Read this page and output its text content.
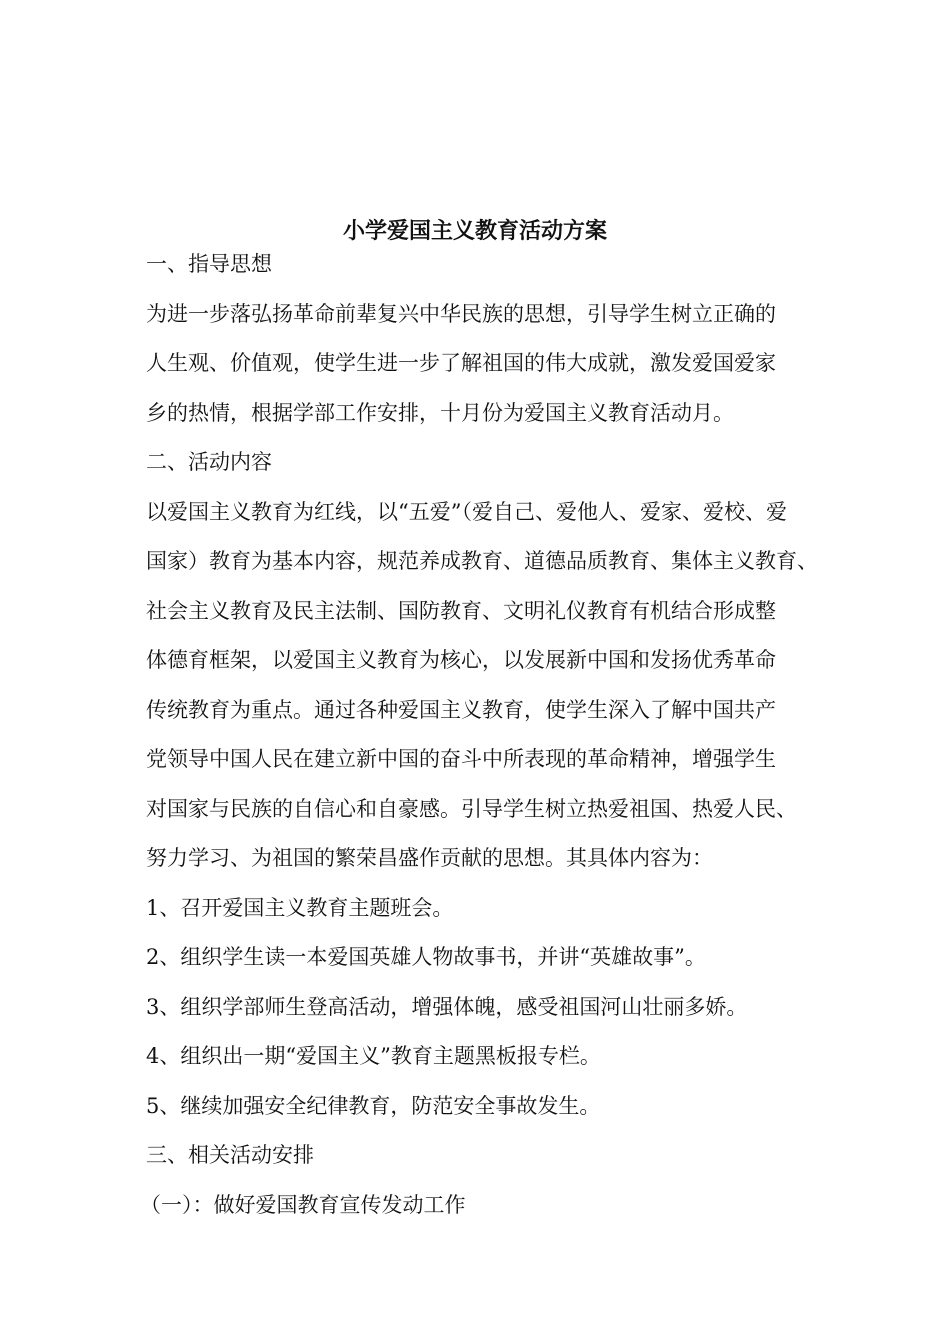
小学爱国主义教育活动方案
一、指导思想
为进一步落弘扬革命前辈复兴中华民族的思想，引导学生树立正确的
人生观、价值观，使学生进一步了解祖国的伟大成就，激发爱国爱家
乡的热情，根据学部工作安排，十月份为爱国主义教育活动月。
二、活动内容
以爱国主义教育为红线，以“五爱”（爱自己、爱他人、爱家、爱校、爱
国家）教育为基本内容，规范养成教育、道德品质教育、集体主义教育、
社会主义教育及民主法制、国防教育、文明礼仪教育有机结合形成整
体德育框架，以爱国主义教育为核心，以发展新中国和发扬优秀革命
传统教育为重点。通过各种爱国主义教育，使学生深入了解中国共产
党领导中国人民在建立新中国的奋斗中所表现的革命精神，增强学生
对国家与民族的自信心和自豪感。引导学生树立热爱祖国、热爱人民、
努力学习、为祖国的繁荣昌盛作贡献的思想。其具体内容为：
1、召开爱国主义教育主题班会。
2、组织学生读一本爱国英雄人物故事书，并讲“英雄故事”。
3、组织学部师生登高活动，增强体魄，感受祖国河山壮丽多娇。
4、组织出一期“爱国主义”教育主题黑板报专栏。
5、继续加强安全纪律教育，防范安全事故发生。
三、相关活动安排
（一）：做好爱国教育宣传发动工作
